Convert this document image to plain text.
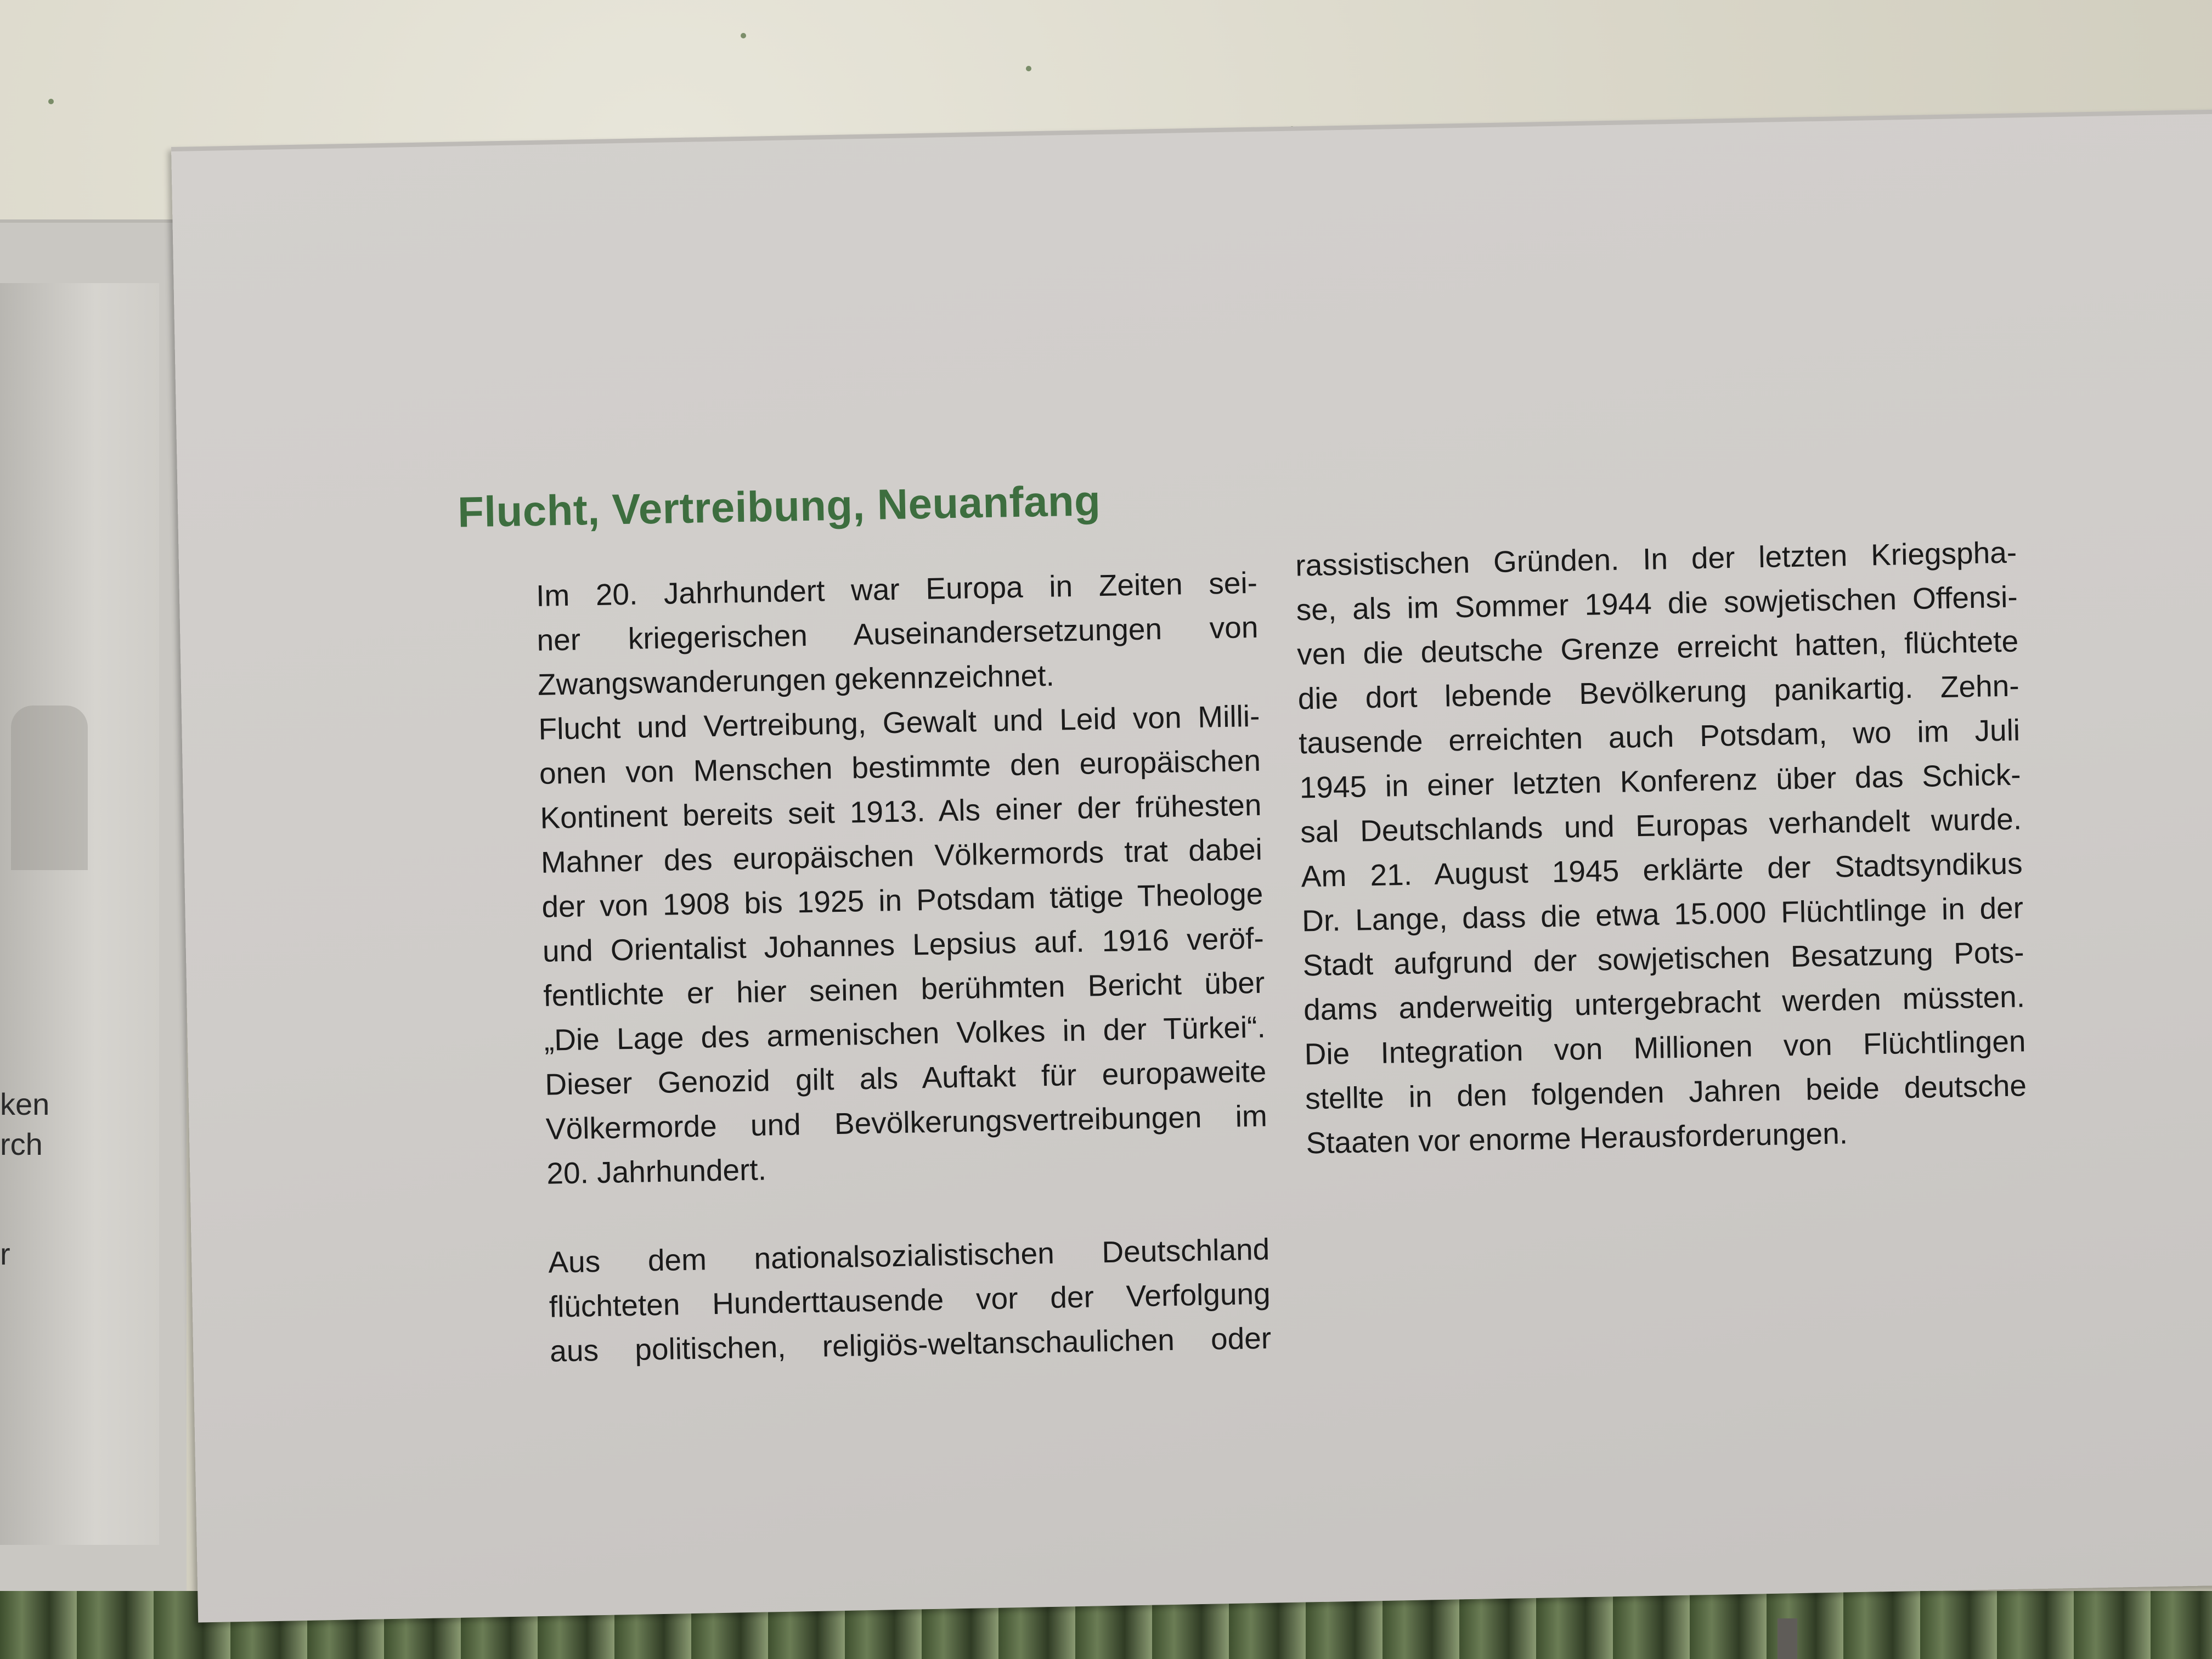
ken
rch
r
Flucht, Vertreibung, Neuanfang
Im 20. Jahrhundert war Europa in Zeiten sei-
ner kriegerischen Auseinandersetzungen von
Zwangswanderungen gekennzeichnet.
Flucht und Vertreibung, Gewalt und Leid von Milli-
onen von Menschen bestimmte den europäischen
Kontinent bereits seit 1913. Als einer der frühesten
Mahner des europäischen Völkermords trat dabei
der von 1908 bis 1925 in Potsdam tätige Theologe
und Orientalist Johannes Lepsius auf. 1916 veröf-
fentlichte er hier seinen berühmten Bericht über
„Die Lage des armenischen Volkes in der Türkei“.
Dieser Genozid gilt als Auftakt für europaweite
Völkermorde und Bevölkerungsvertreibungen im
20. Jahrhundert.
Aus dem nationalsozialistischen Deutschland
flüchteten Hunderttausende vor der Verfolgung
aus politischen, religiös-weltanschaulichen oder
rassistischen Gründen. In der letzten Kriegspha-
se, als im Sommer 1944 die sowjetischen Offensi-
ven die deutsche Grenze erreicht hatten, flüchtete
die dort lebende Bevölkerung panikartig. Zehn-
tausende erreichten auch Potsdam, wo im Juli
1945 in einer letzten Konferenz über das Schick-
sal Deutschlands und Europas verhandelt wurde.
Am 21. August 1945 erklärte der Stadtsyndikus
Dr. Lange, dass die etwa 15.000 Flüchtlinge in der
Stadt aufgrund der sowjetischen Besatzung Pots-
dams anderweitig untergebracht werden müssten.
Die Integration von Millionen von Flüchtlingen
stellte in den folgenden Jahren beide deutsche
Staaten vor enorme Herausforderungen.
